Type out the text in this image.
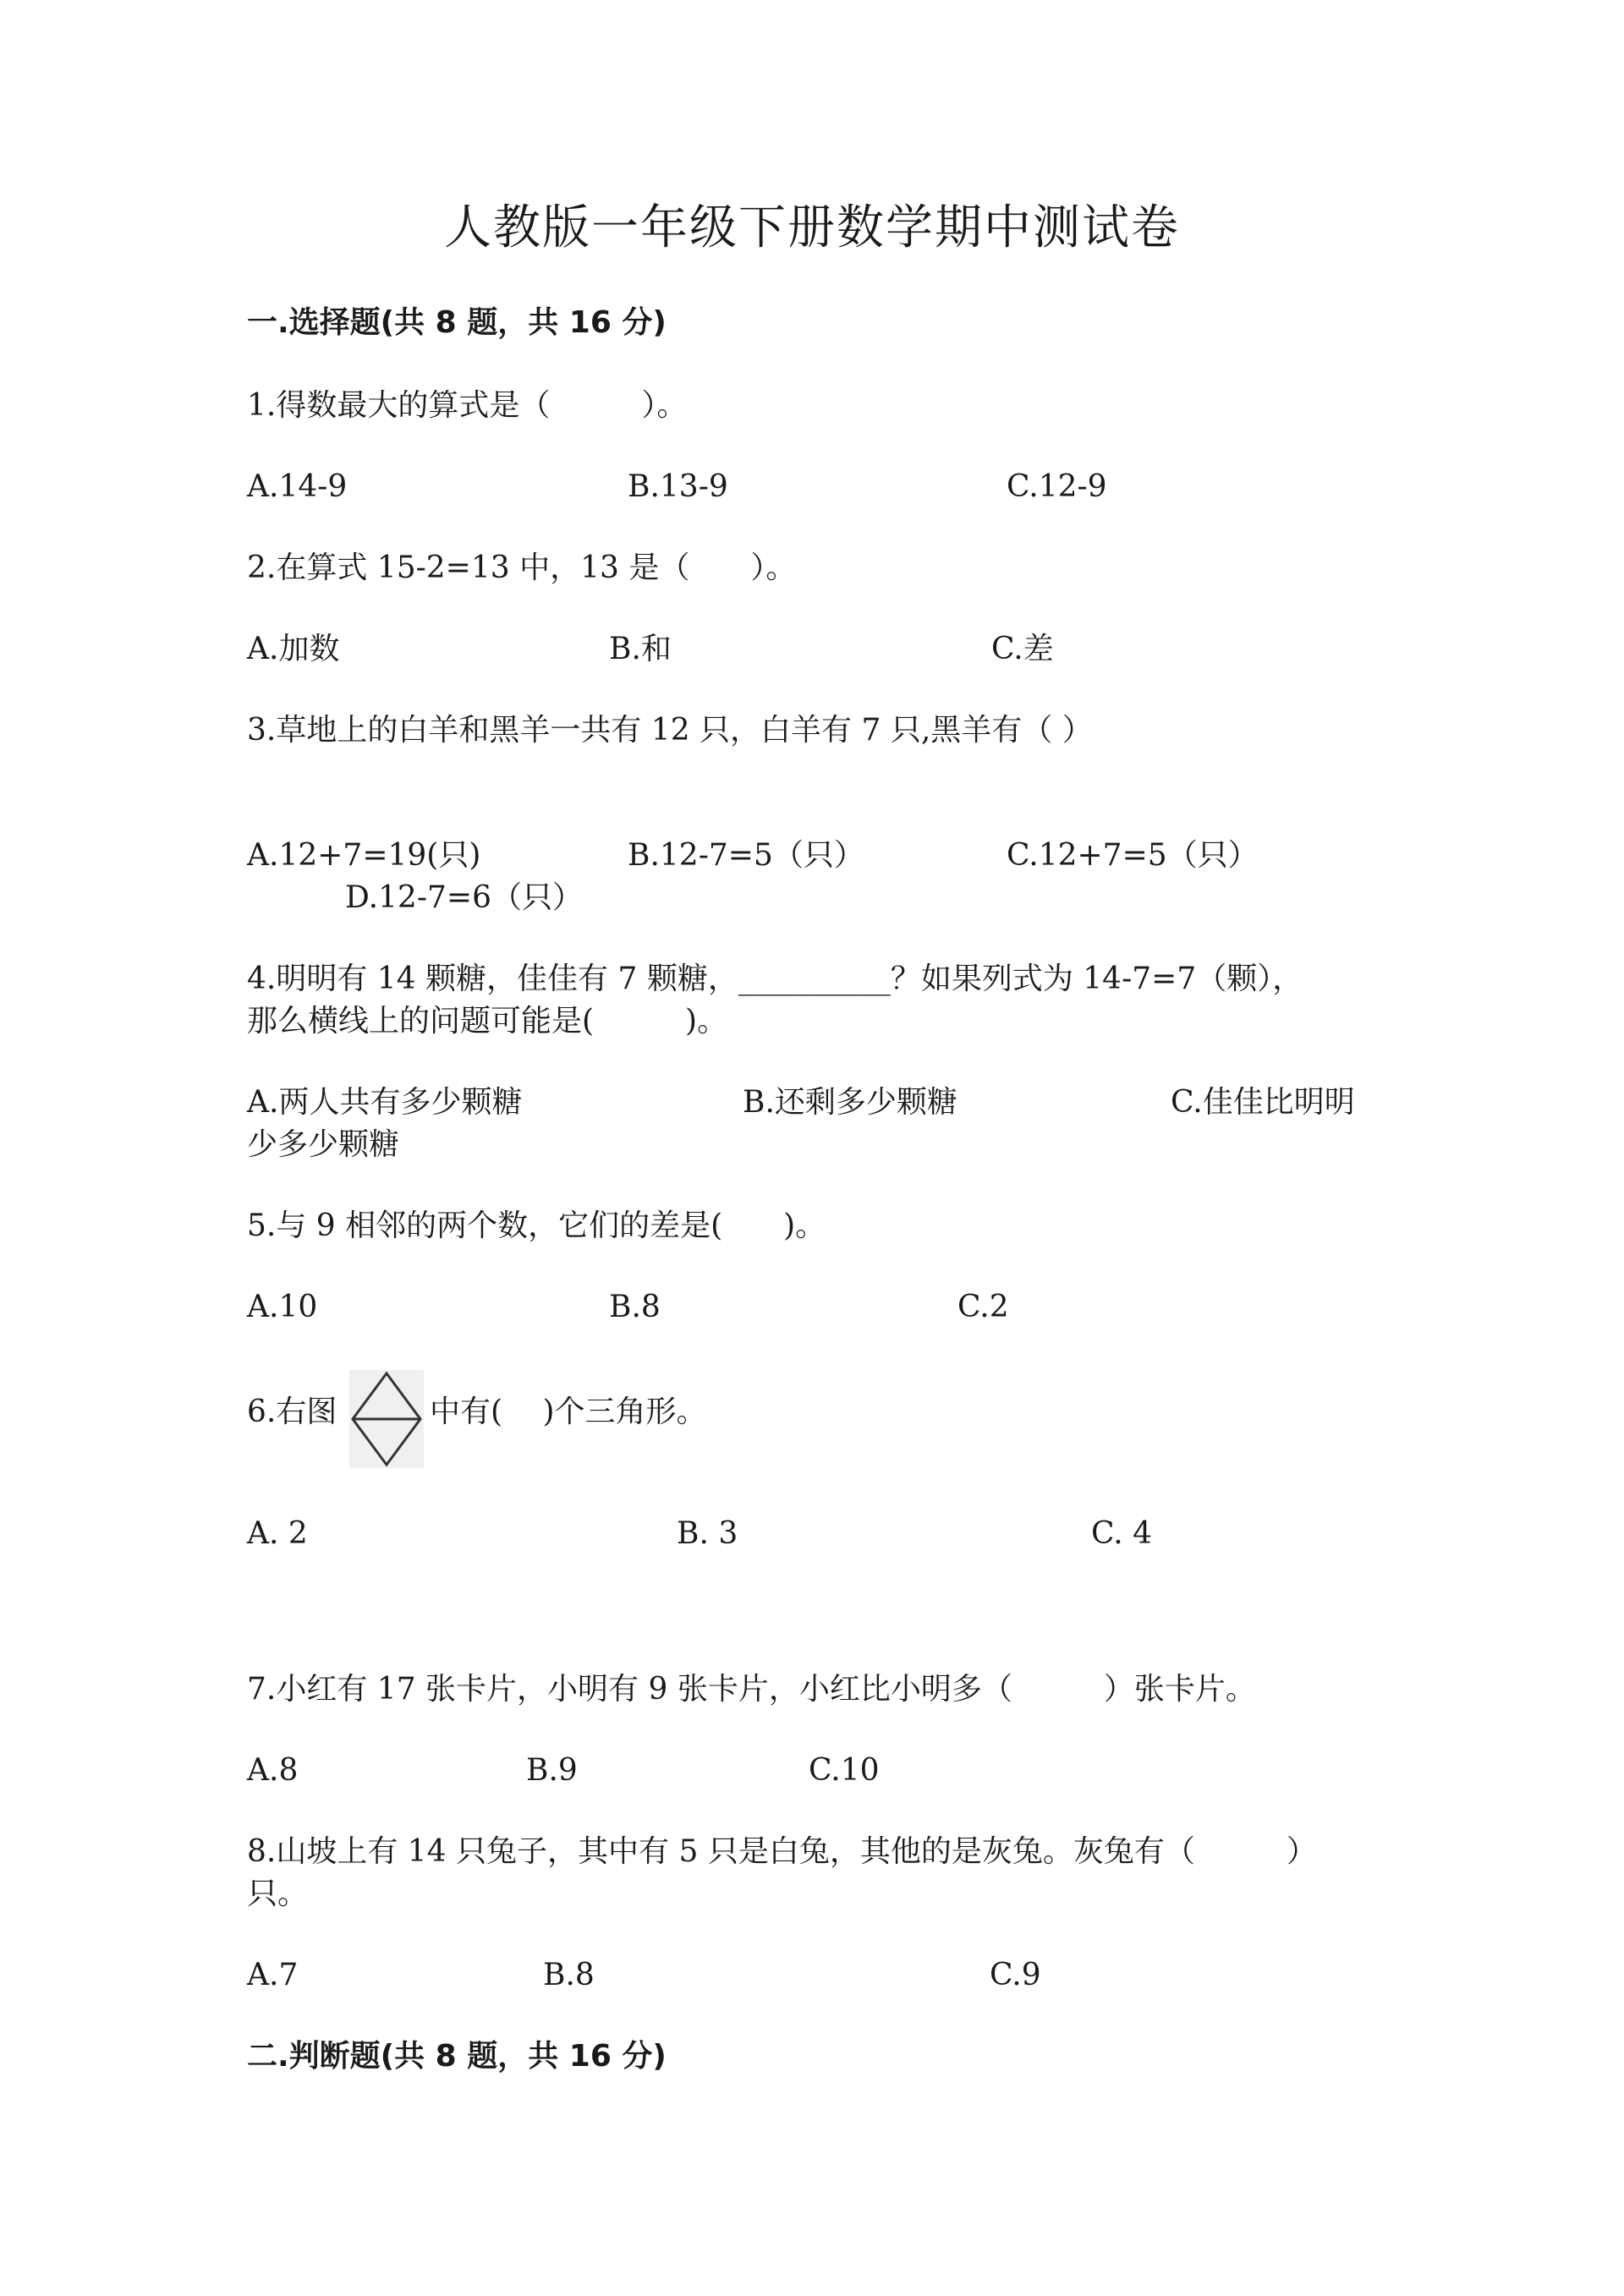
人教版一年级下册数学期中测试卷
一.选择题(共 8 题，共 16 分)
1.得数最大的算式是（　　　）。
A.14-9	B.13-9	C.12-9
2.在算式 15-2=13 中，13 是（　　）。
A.加数	B.和	C.差
3.草地上的白羊和黑羊一共有 12 只，白羊有 7 只,黑羊有（ ）
A.12+7=19(只)	B.12-7=5（只）	C.12+7=5（只）
D.12-7=6（只）
4.明明有 14 颗糖，佳佳有 7 颗糖，__________？如果列式为 14-7=7（颗），
那么横线上的问题可能是(　　　)。
A.两人共有多少颗糖	B.还剩多少颗糖	C.佳佳比明明
少多少颗糖
5.与 9 相邻的两个数，它们的差是(　　)。
A.10	B.8	C.2
6.右图	中有(　 )个三角形。
A. 2	B. 3	C. 4
7.小红有 17 张卡片，小明有 9 张卡片，小红比小明多（　　　）张卡片。
A.8	B.9	C.10
8.山坡上有 14 只兔子，其中有 5 只是白兔，其他的是灰兔。灰兔有（　　　）
只。
A.7	B.8	C.9
二.判断题(共 8 题，共 16 分)
